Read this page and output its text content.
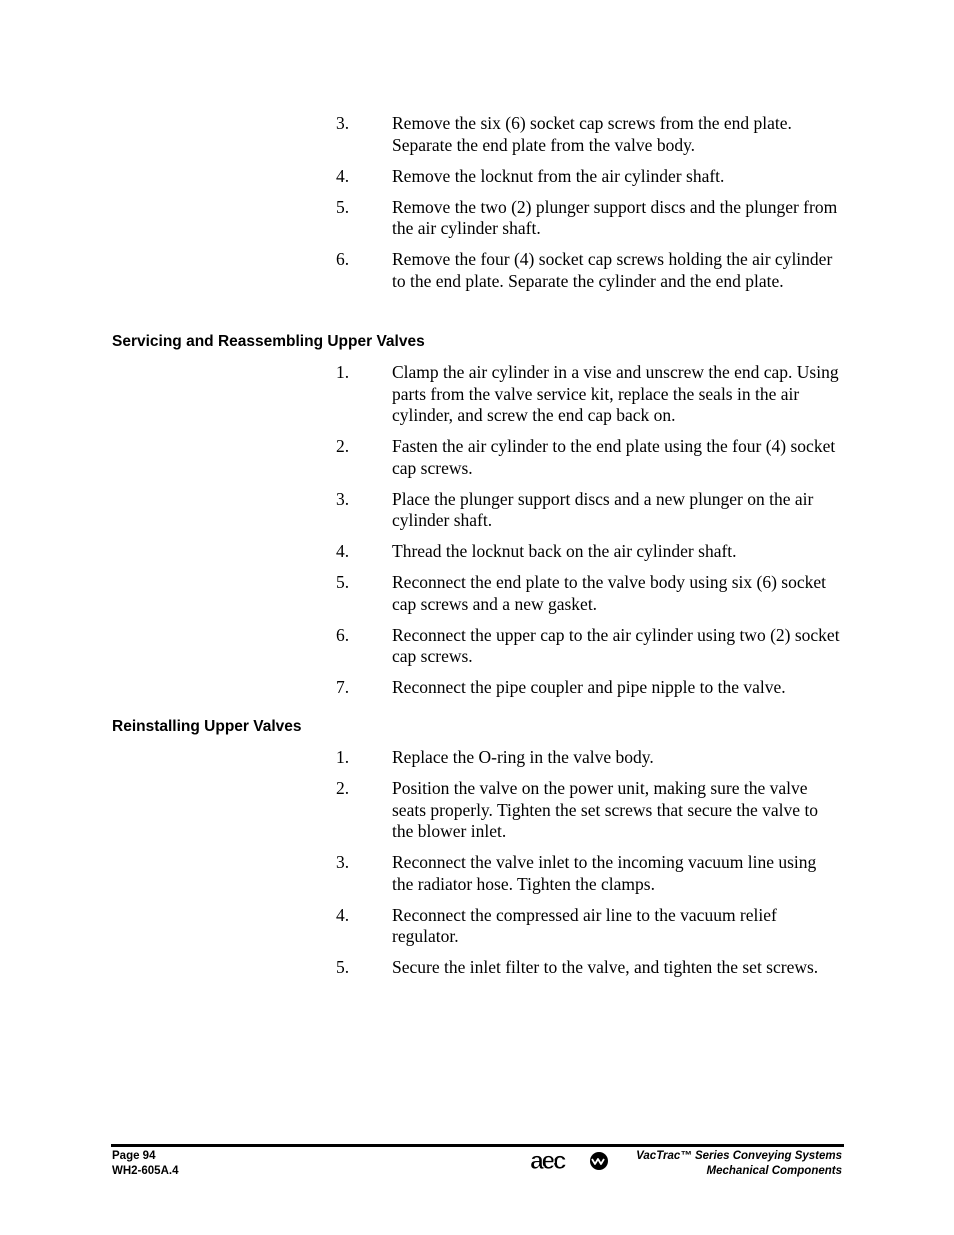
3. Remove the six (6) socket cap screws from the end plate. Separate the end plate from the valve body.
4. Remove the locknut from the air cylinder shaft.
5. Remove the two (2) plunger support discs and the plunger from the air cylinder shaft.
6. Remove the four (4) socket cap screws holding the air cylinder to the end plate. Separate the cylinder and the end plate.
Servicing and Reassembling Upper Valves
1. Clamp the air cylinder in a vise and unscrew the end cap. Using parts from the valve service kit, replace the seals in the air cylinder, and screw the end cap back on.
2. Fasten the air cylinder to the end plate using the four (4) socket cap screws.
3. Place the plunger support discs and a new plunger on the air cylinder shaft.
4. Thread the locknut back on the air cylinder shaft.
5. Reconnect the end plate to the valve body using six (6) socket cap screws and a new gasket.
6. Reconnect the upper cap to the air cylinder using two (2) socket cap screws.
7. Reconnect the pipe coupler and pipe nipple to the valve.
Reinstalling Upper Valves
1. Replace the O-ring in the valve body.
2. Position the valve on the power unit, making sure the valve seats properly. Tighten the set screws that secure the valve to the blower inlet.
3. Reconnect the valve inlet to the incoming vacuum line using the radiator hose. Tighten the clamps.
4. Reconnect the compressed air line to the vacuum relief regulator.
5. Secure the inlet filter to the valve, and tighten the set screws.
Page 94
WH2-605A.4	aec	VacTrac™ Series Conveying Systems
Mechanical Components
